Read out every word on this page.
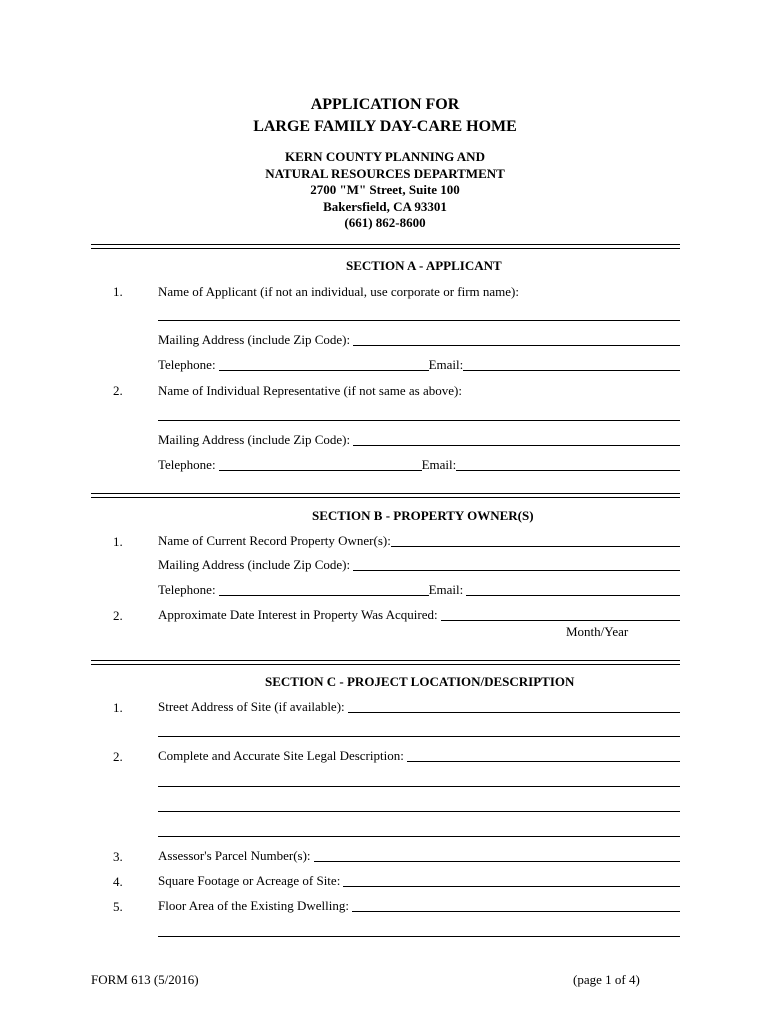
APPLICATION FOR
LARGE FAMILY DAY-CARE HOME
KERN COUNTY PLANNING AND
NATURAL RESOURCES DEPARTMENT
2700 "M" Street, Suite 100
Bakersfield, CA 93301
(661) 862-8600
SECTION A - APPLICANT
1.	Name of Applicant (if not an individual, use corporate or firm name):
Mailing Address (include Zip Code):
Telephone:	Email:
2.	Name of Individual Representative (if not same as above):
Mailing Address (include Zip Code):
Telephone:	Email:
SECTION B - PROPERTY OWNER(S)
1.	Name of Current Record Property Owner(s):
Mailing Address (include Zip Code):
Telephone:	Email:
2.	Approximate Date Interest in Property Was Acquired:
Month/Year
SECTION C - PROJECT LOCATION/DESCRIPTION
1.	Street Address of Site (if available):
2.	Complete and Accurate Site Legal Description:
3.	Assessor's Parcel Number(s):
4.	Square Footage or Acreage of Site:
5.	Floor Area of the Existing Dwelling:
FORM 613 (5/2016)	(page 1 of 4)
